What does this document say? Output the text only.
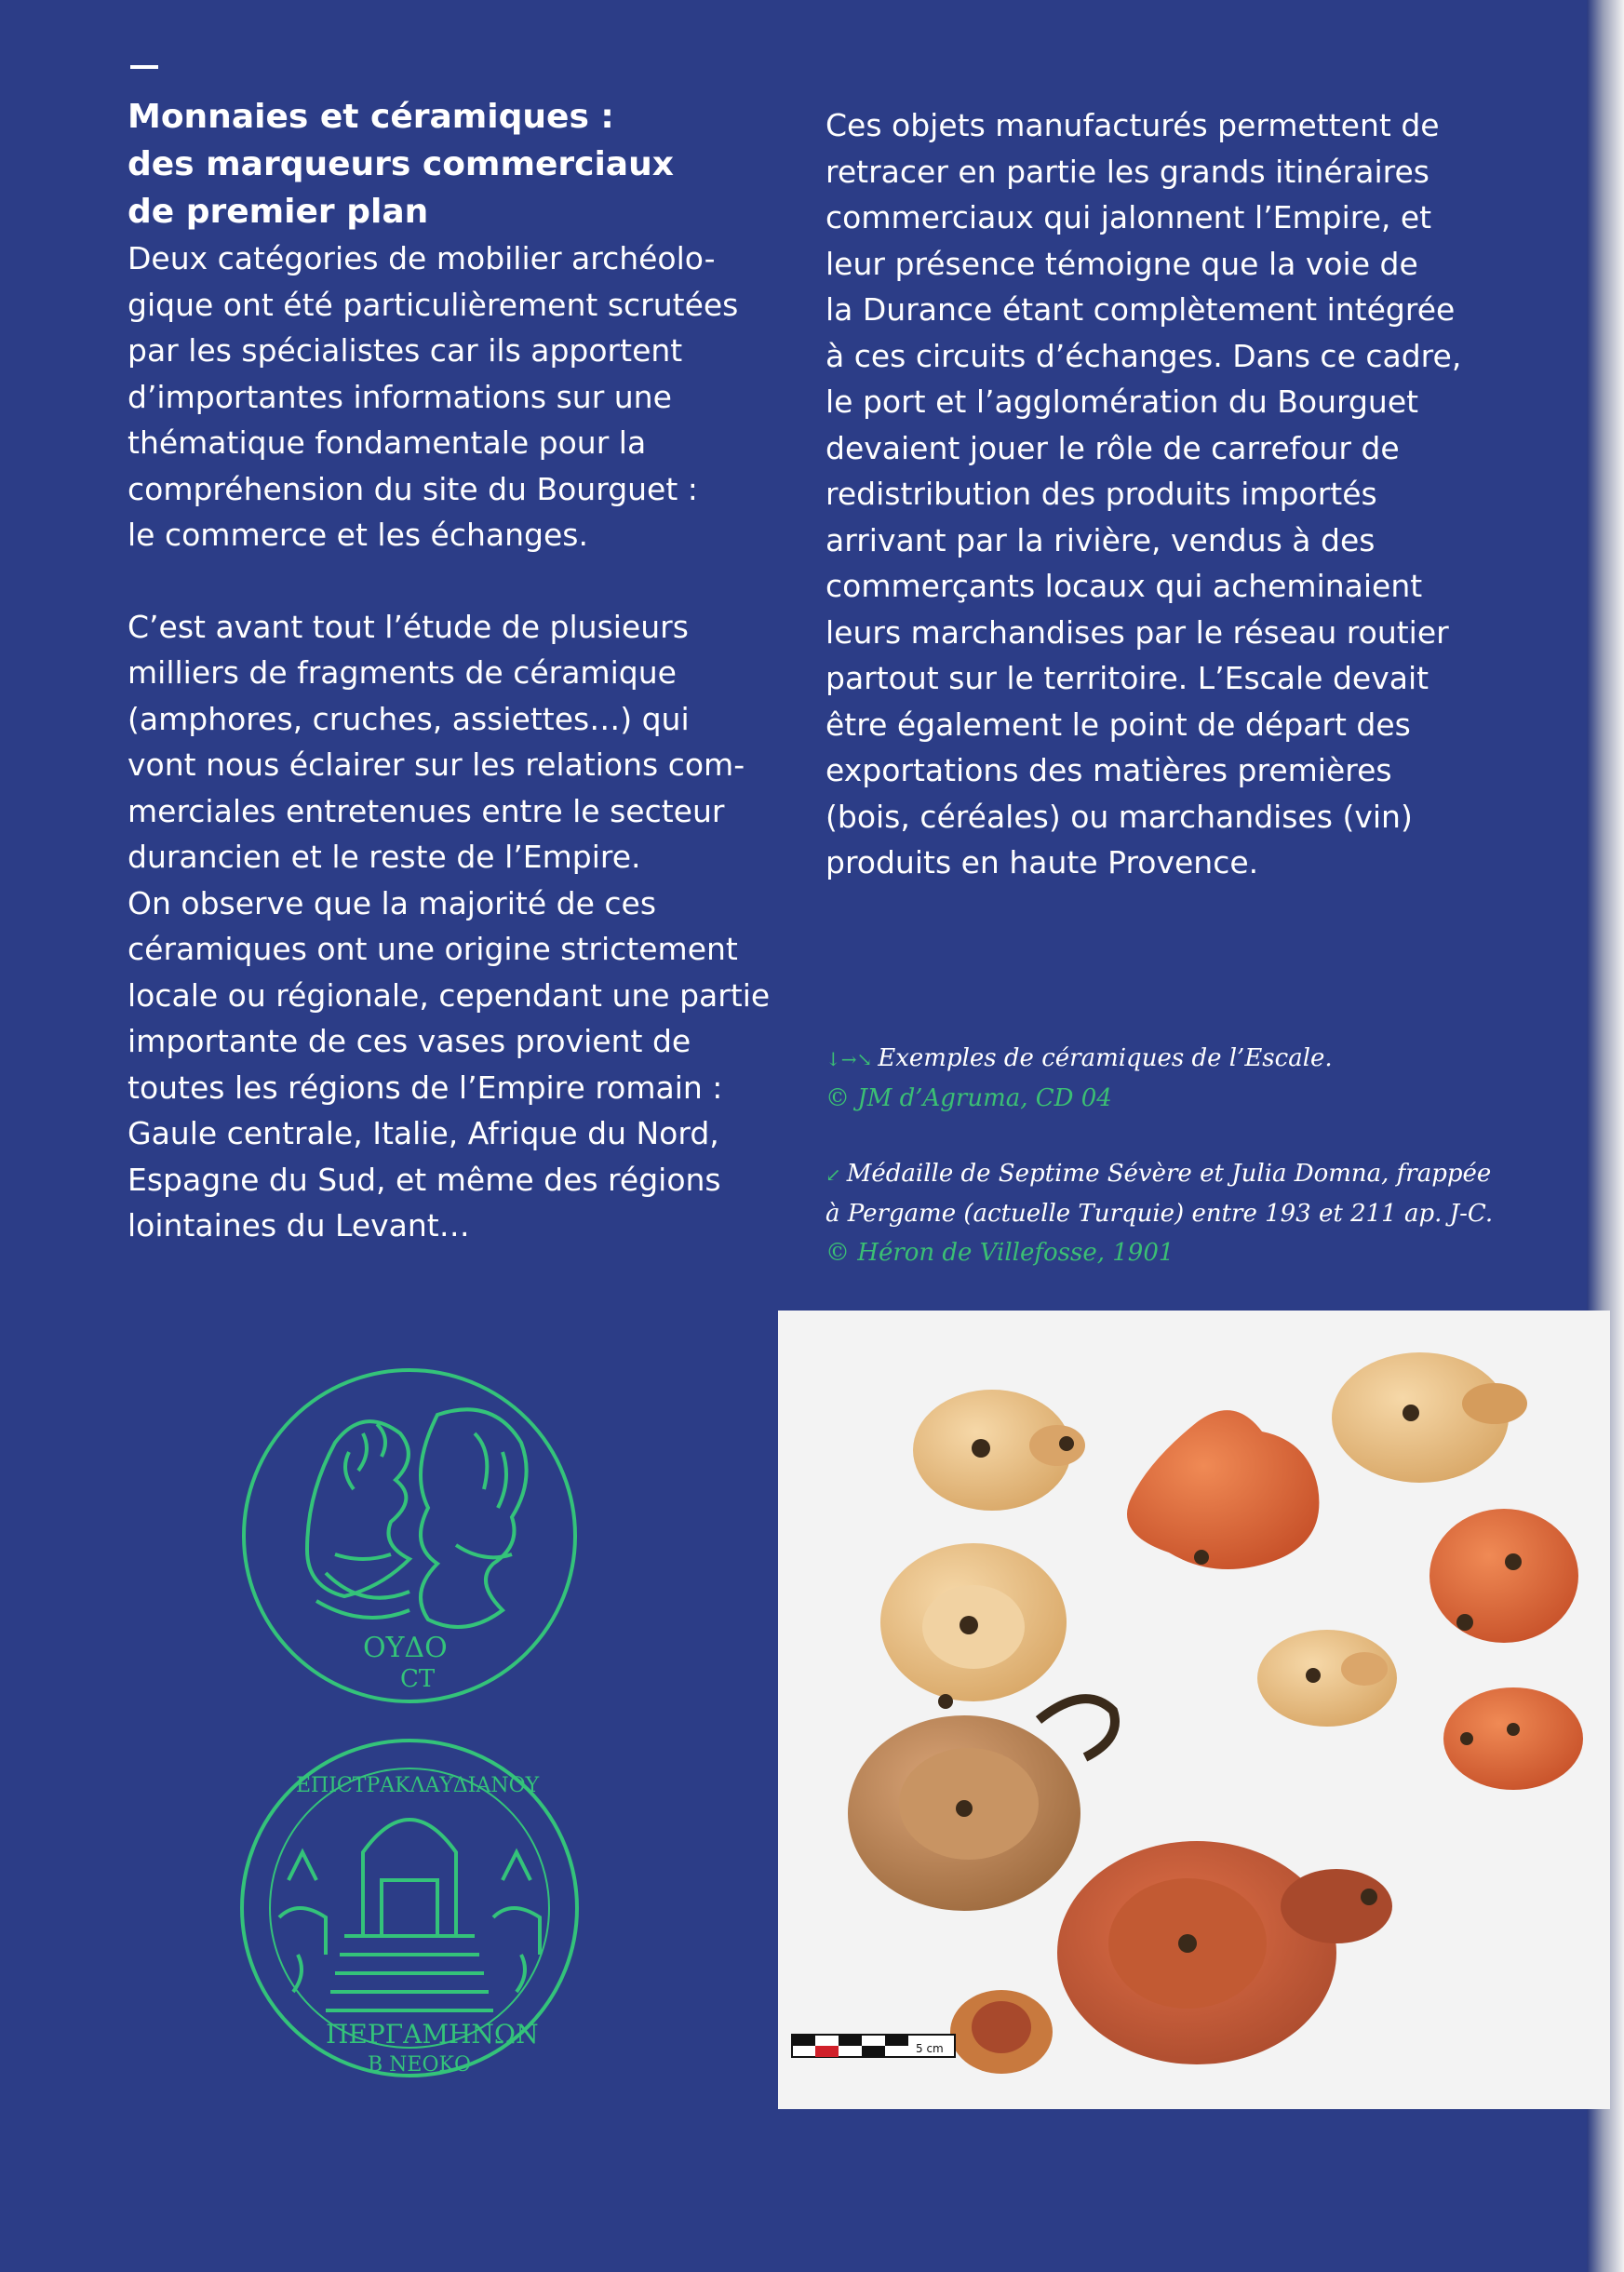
Monnaies et céramiques :
des marqueurs commerciaux
de premier plan
Deux catégories de mobilier archéolo-
gique ont été particulièrement scrutées
par les spécialistes car ils apportent
d’importantes informations sur une
thématique fondamentale pour la
compréhension du site du Bourguet :
le commerce et les échanges.
C’est avant tout l’étude de plusieurs
milliers de fragments de céramique
(amphores, cruches, assiettes…) qui
vont nous éclairer sur les relations com-
merciales entretenues entre le secteur
durancien et le reste de l’Empire.
On observe que la majorité de ces
céramiques ont une origine strictement
locale ou régionale, cependant une partie
importante de ces vases provient de
toutes les régions de l’Empire romain :
Gaule centrale, Italie, Afrique du Nord,
Espagne du Sud, et même des régions
lointaines du Levant…
Ces objets manufacturés permettent de
retracer en partie les grands itinéraires
commerciaux qui jalonnent l’Empire, et
leur présence témoigne que la voie de
la Durance étant complètement intégrée
à ces circuits d’échanges. Dans ce cadre,
le port et l’agglomération du Bourguet
devaient jouer le rôle de carrefour de
redistribution des produits importés
arrivant par la rivière, vendus à des
commerçants locaux qui acheminaient
leurs marchandises par le réseau routier
partout sur le territoire. L’Escale devait
être également le point de départ des
exportations des matières premières
(bois, céréales) ou marchandises (vin)
produits en haute Provence.
↓→↘ Exemples de céramiques de l’Escale.
© JM d’Agruma, CD 04
↙ Médaille de Septime Sévère et Julia Domna, frappée
à Pergame (actuelle Turquie) entre 193 et 211 ap. J-C.
© Héron de Villefosse, 1901
ΟΥΔΟ
CT
ΕΠΙCΤΡΑΚΛΑΥΔΙΑΝΟΥ
ΠΕΡΓΑΜΗΝΩΝ
Β ΝΕΟΚΟ
5 cm
